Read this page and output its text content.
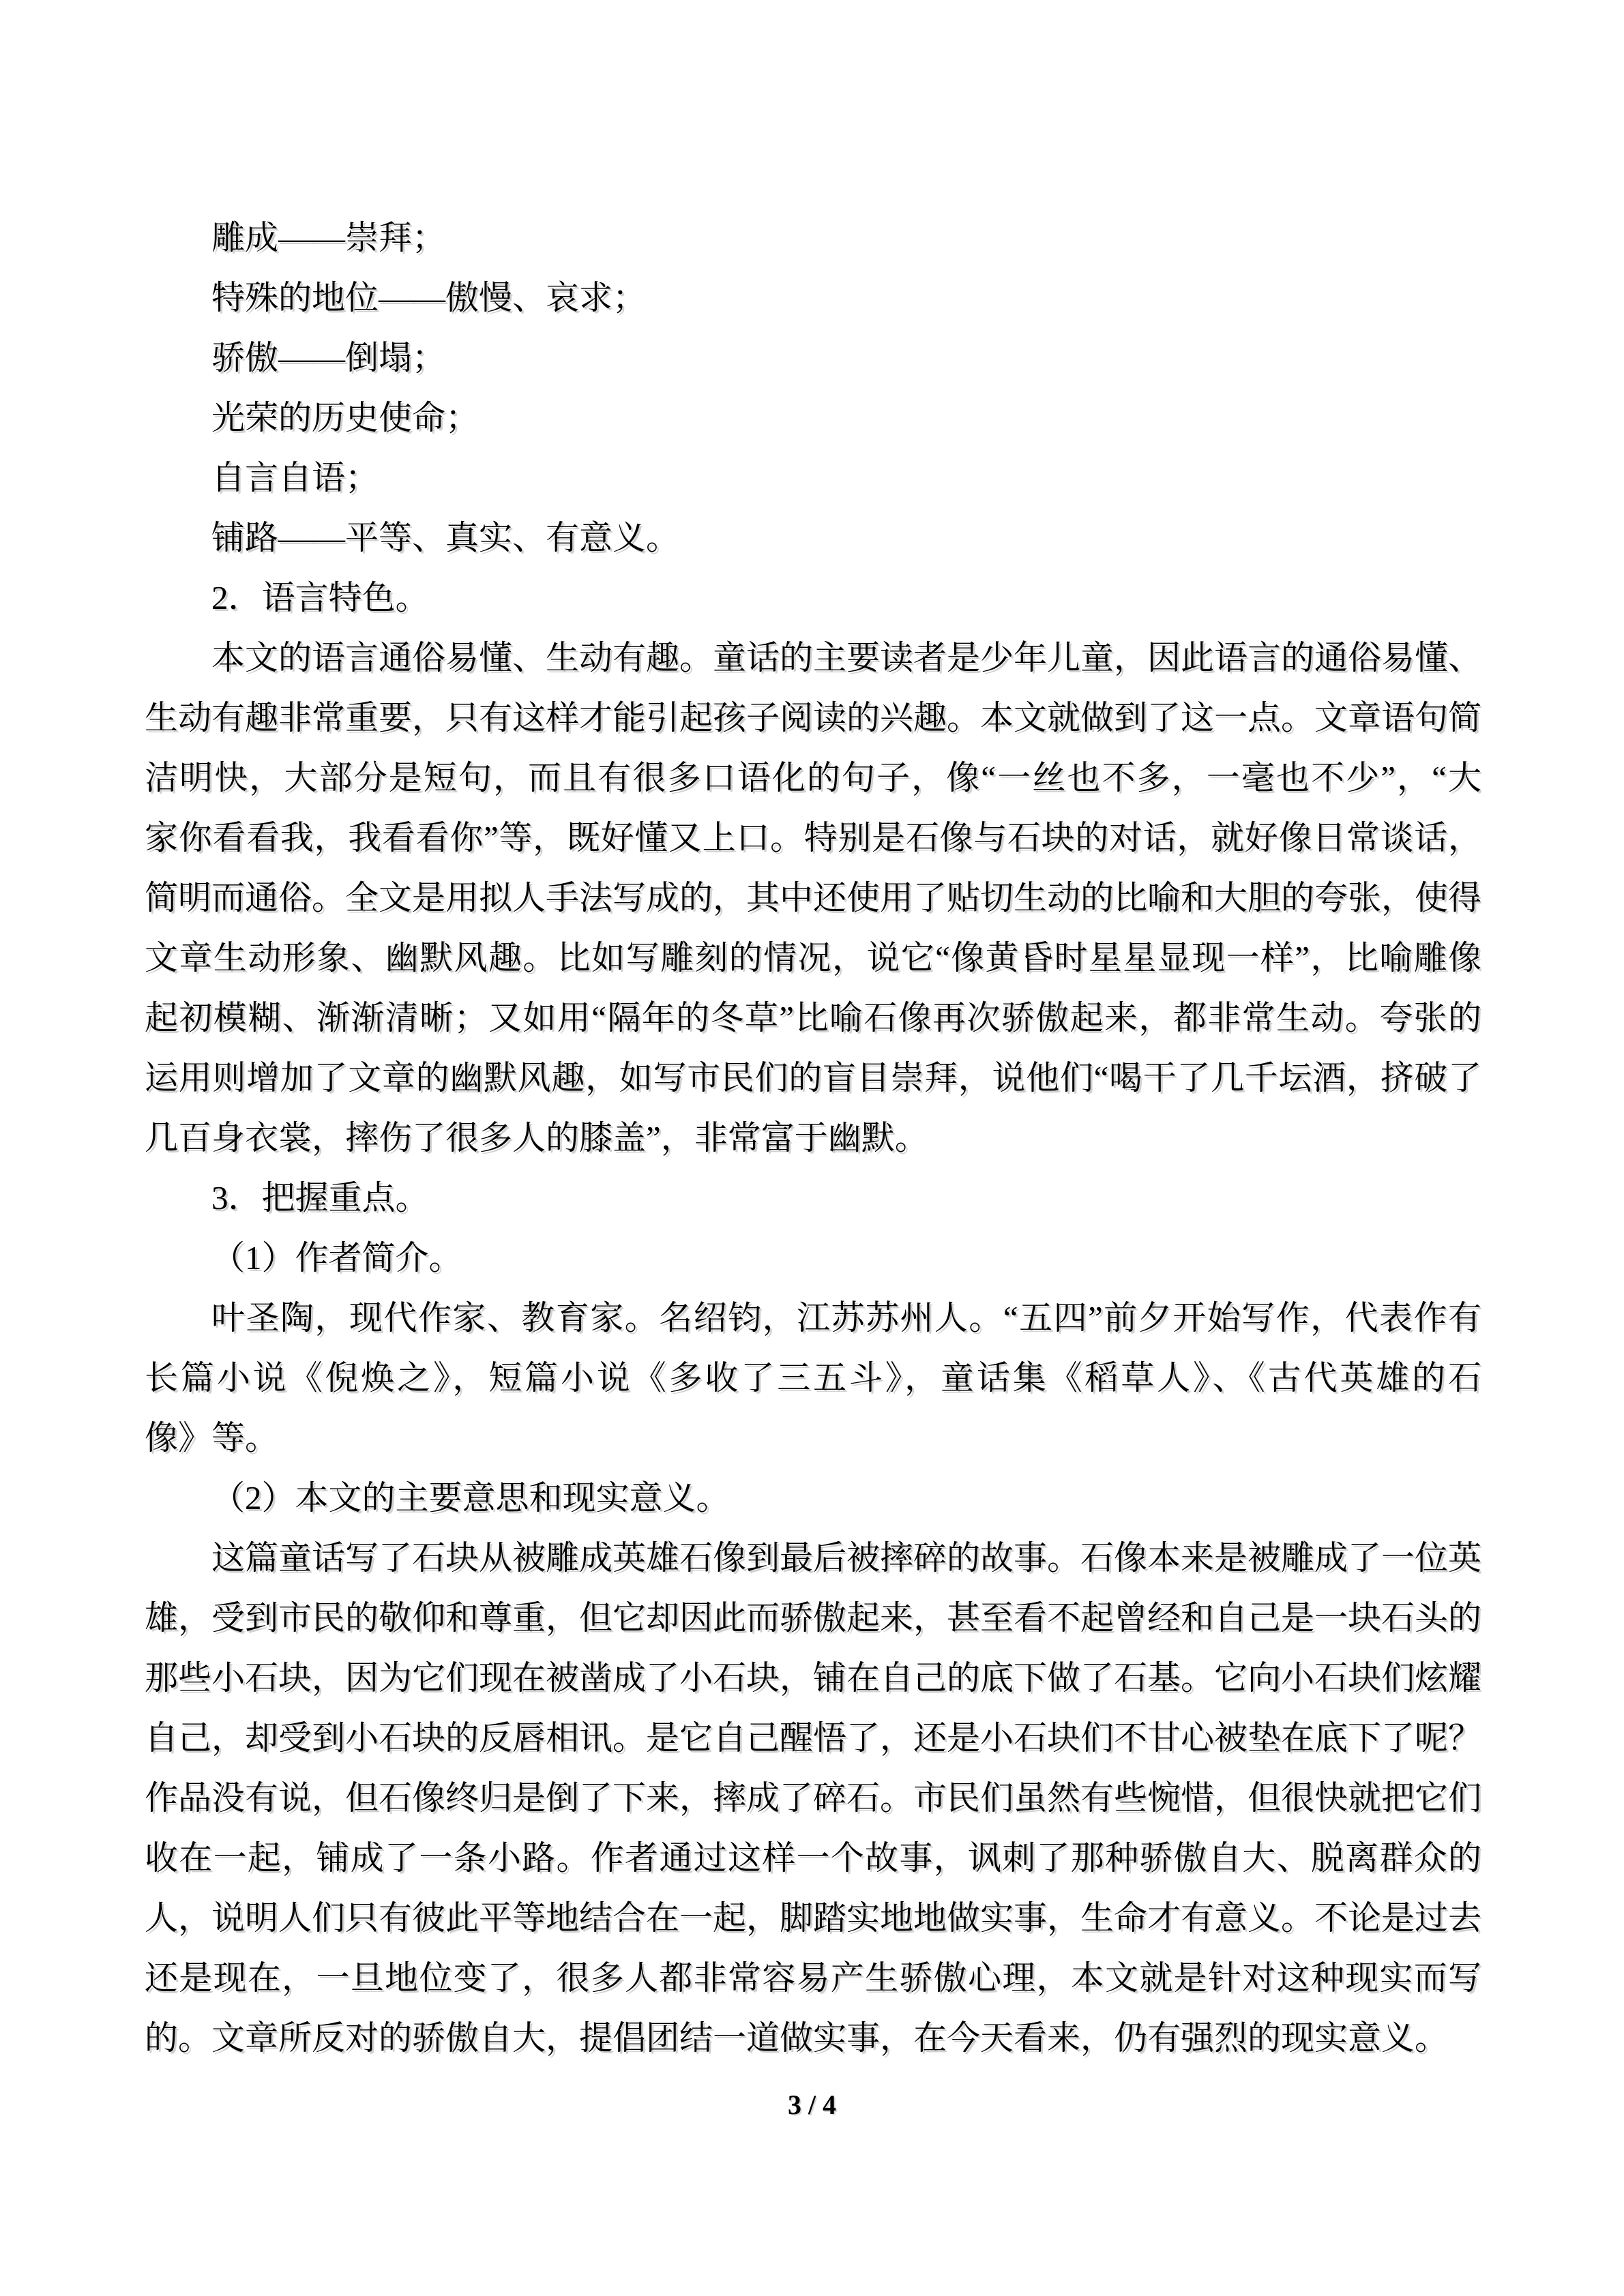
雕成——崇拜；
特殊的地位——傲慢、哀求；
骄傲——倒塌；
光荣的历史使命；
自言自语；
铺路——平等、真实、有意义。
2．语言特色。
本文的语言通俗易懂、生动有趣。童话的主要读者是少年儿童，因此语言的通俗易懂、
生动有趣非常重要，只有这样才能引起孩子阅读的兴趣。本文就做到了这一点。文章语句简
洁明快，大部分是短句，而且有很多口语化的句子，像“一丝也不多，一毫也不少”，“大
家你看看我，我看看你”等，既好懂又上口。特别是石像与石块的对话，就好像日常谈话，
简明而通俗。全文是用拟人手法写成的，其中还使用了贴切生动的比喻和大胆的夸张，使得
文章生动形象、幽默风趣。比如写雕刻的情况，说它“像黄昏时星星显现一样”，比喻雕像
起初模糊、渐渐清晰；又如用“隔年的冬草”比喻石像再次骄傲起来，都非常生动。夸张的
运用则增加了文章的幽默风趣，如写市民们的盲目崇拜，说他们“喝干了几千坛酒，挤破了
几百身衣裳，摔伤了很多人的膝盖”，非常富于幽默。
3．把握重点。
（1）作者简介。
叶圣陶，现代作家、教育家。名绍钧，江苏苏州人。“五四”前夕开始写作，代表作有
长篇小说《倪焕之》，短篇小说《多收了三五斗》，童话集《稻草人》、《古代英雄的石
像》等。
（2）本文的主要意思和现实意义。
这篇童话写了石块从被雕成英雄石像到最后被摔碎的故事。石像本来是被雕成了一位英
雄，受到市民的敬仰和尊重，但它却因此而骄傲起来，甚至看不起曾经和自己是一块石头的
那些小石块，因为它们现在被凿成了小石块，铺在自己的底下做了石基。它向小石块们炫耀
自己，却受到小石块的反唇相讯。是它自己醒悟了，还是小石块们不甘心被垫在底下了呢？
作品没有说，但石像终归是倒了下来，摔成了碎石。市民们虽然有些惋惜，但很快就把它们
收在一起，铺成了一条小路。作者通过这样一个故事，讽刺了那种骄傲自大、脱离群众的
人，说明人们只有彼此平等地结合在一起，脚踏实地地做实事，生命才有意义。不论是过去
还是现在，一旦地位变了，很多人都非常容易产生骄傲心理，本文就是针对这种现实而写
的。文章所反对的骄傲自大，提倡团结一道做实事，在今天看来，仍有强烈的现实意义。
3 / 4
